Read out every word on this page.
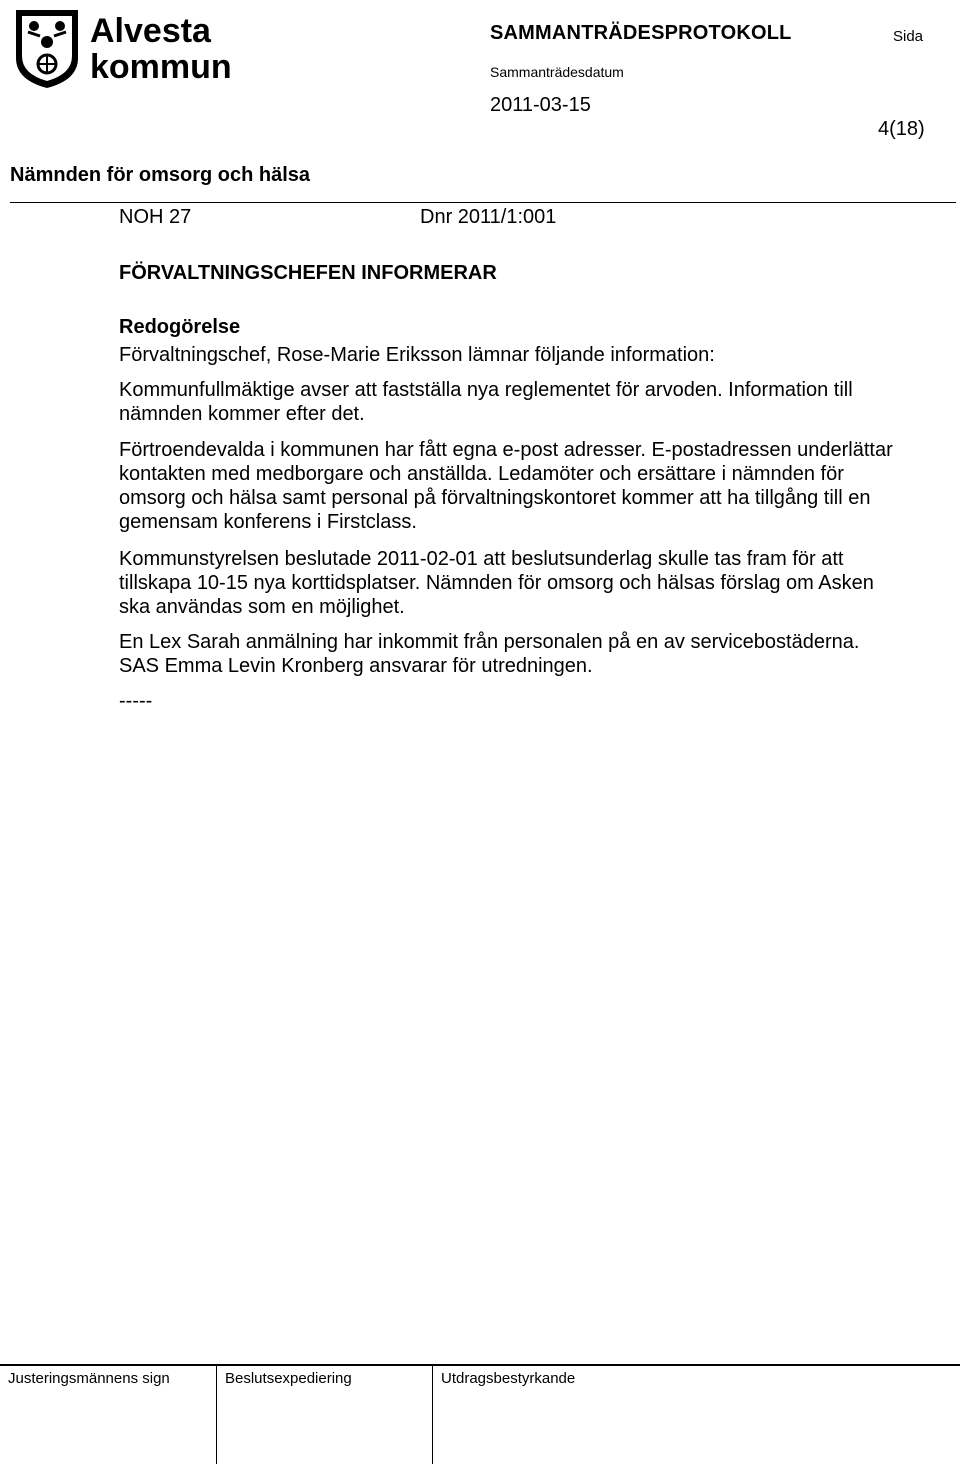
Alvesta
kommun
SAMMANTRÄDESPROTOKOLL	Sida
Sammanträdesdatum
2011-03-15
4(18)
Nämnden för omsorg och hälsa
NOH 27	Dnr 2011/1:001
FÖRVALTNINGSCHEFEN INFORMERAR
Redogörelse
Förvaltningschef, Rose-Marie Eriksson lämnar följande information:
Kommunfullmäktige avser att fastställa nya reglementet för arvoden. Information till nämnden kommer efter det.
Förtroendevalda i kommunen har fått egna e-post adresser. E-postadressen underlättar kontakten med medborgare och anställda. Ledamöter och ersättare i nämnden för omsorg och hälsa samt personal på förvaltningskontoret kommer att ha tillgång till en gemensam konferens i Firstclass.
Kommunstyrelsen beslutade 2011-02-01 att beslutsunderlag skulle tas fram för att tillskapa 10-15 nya korttidsplatser. Nämnden för omsorg och hälsas förslag om Asken ska användas som en möjlighet.
En Lex Sarah anmälning har inkommit från personalen på en av servicebostäderna. SAS Emma Levin Kronberg ansvarar för utredningen.
-----
Justeringsmännens sign	Beslutsexpediering	Utdragsbestyrkande
